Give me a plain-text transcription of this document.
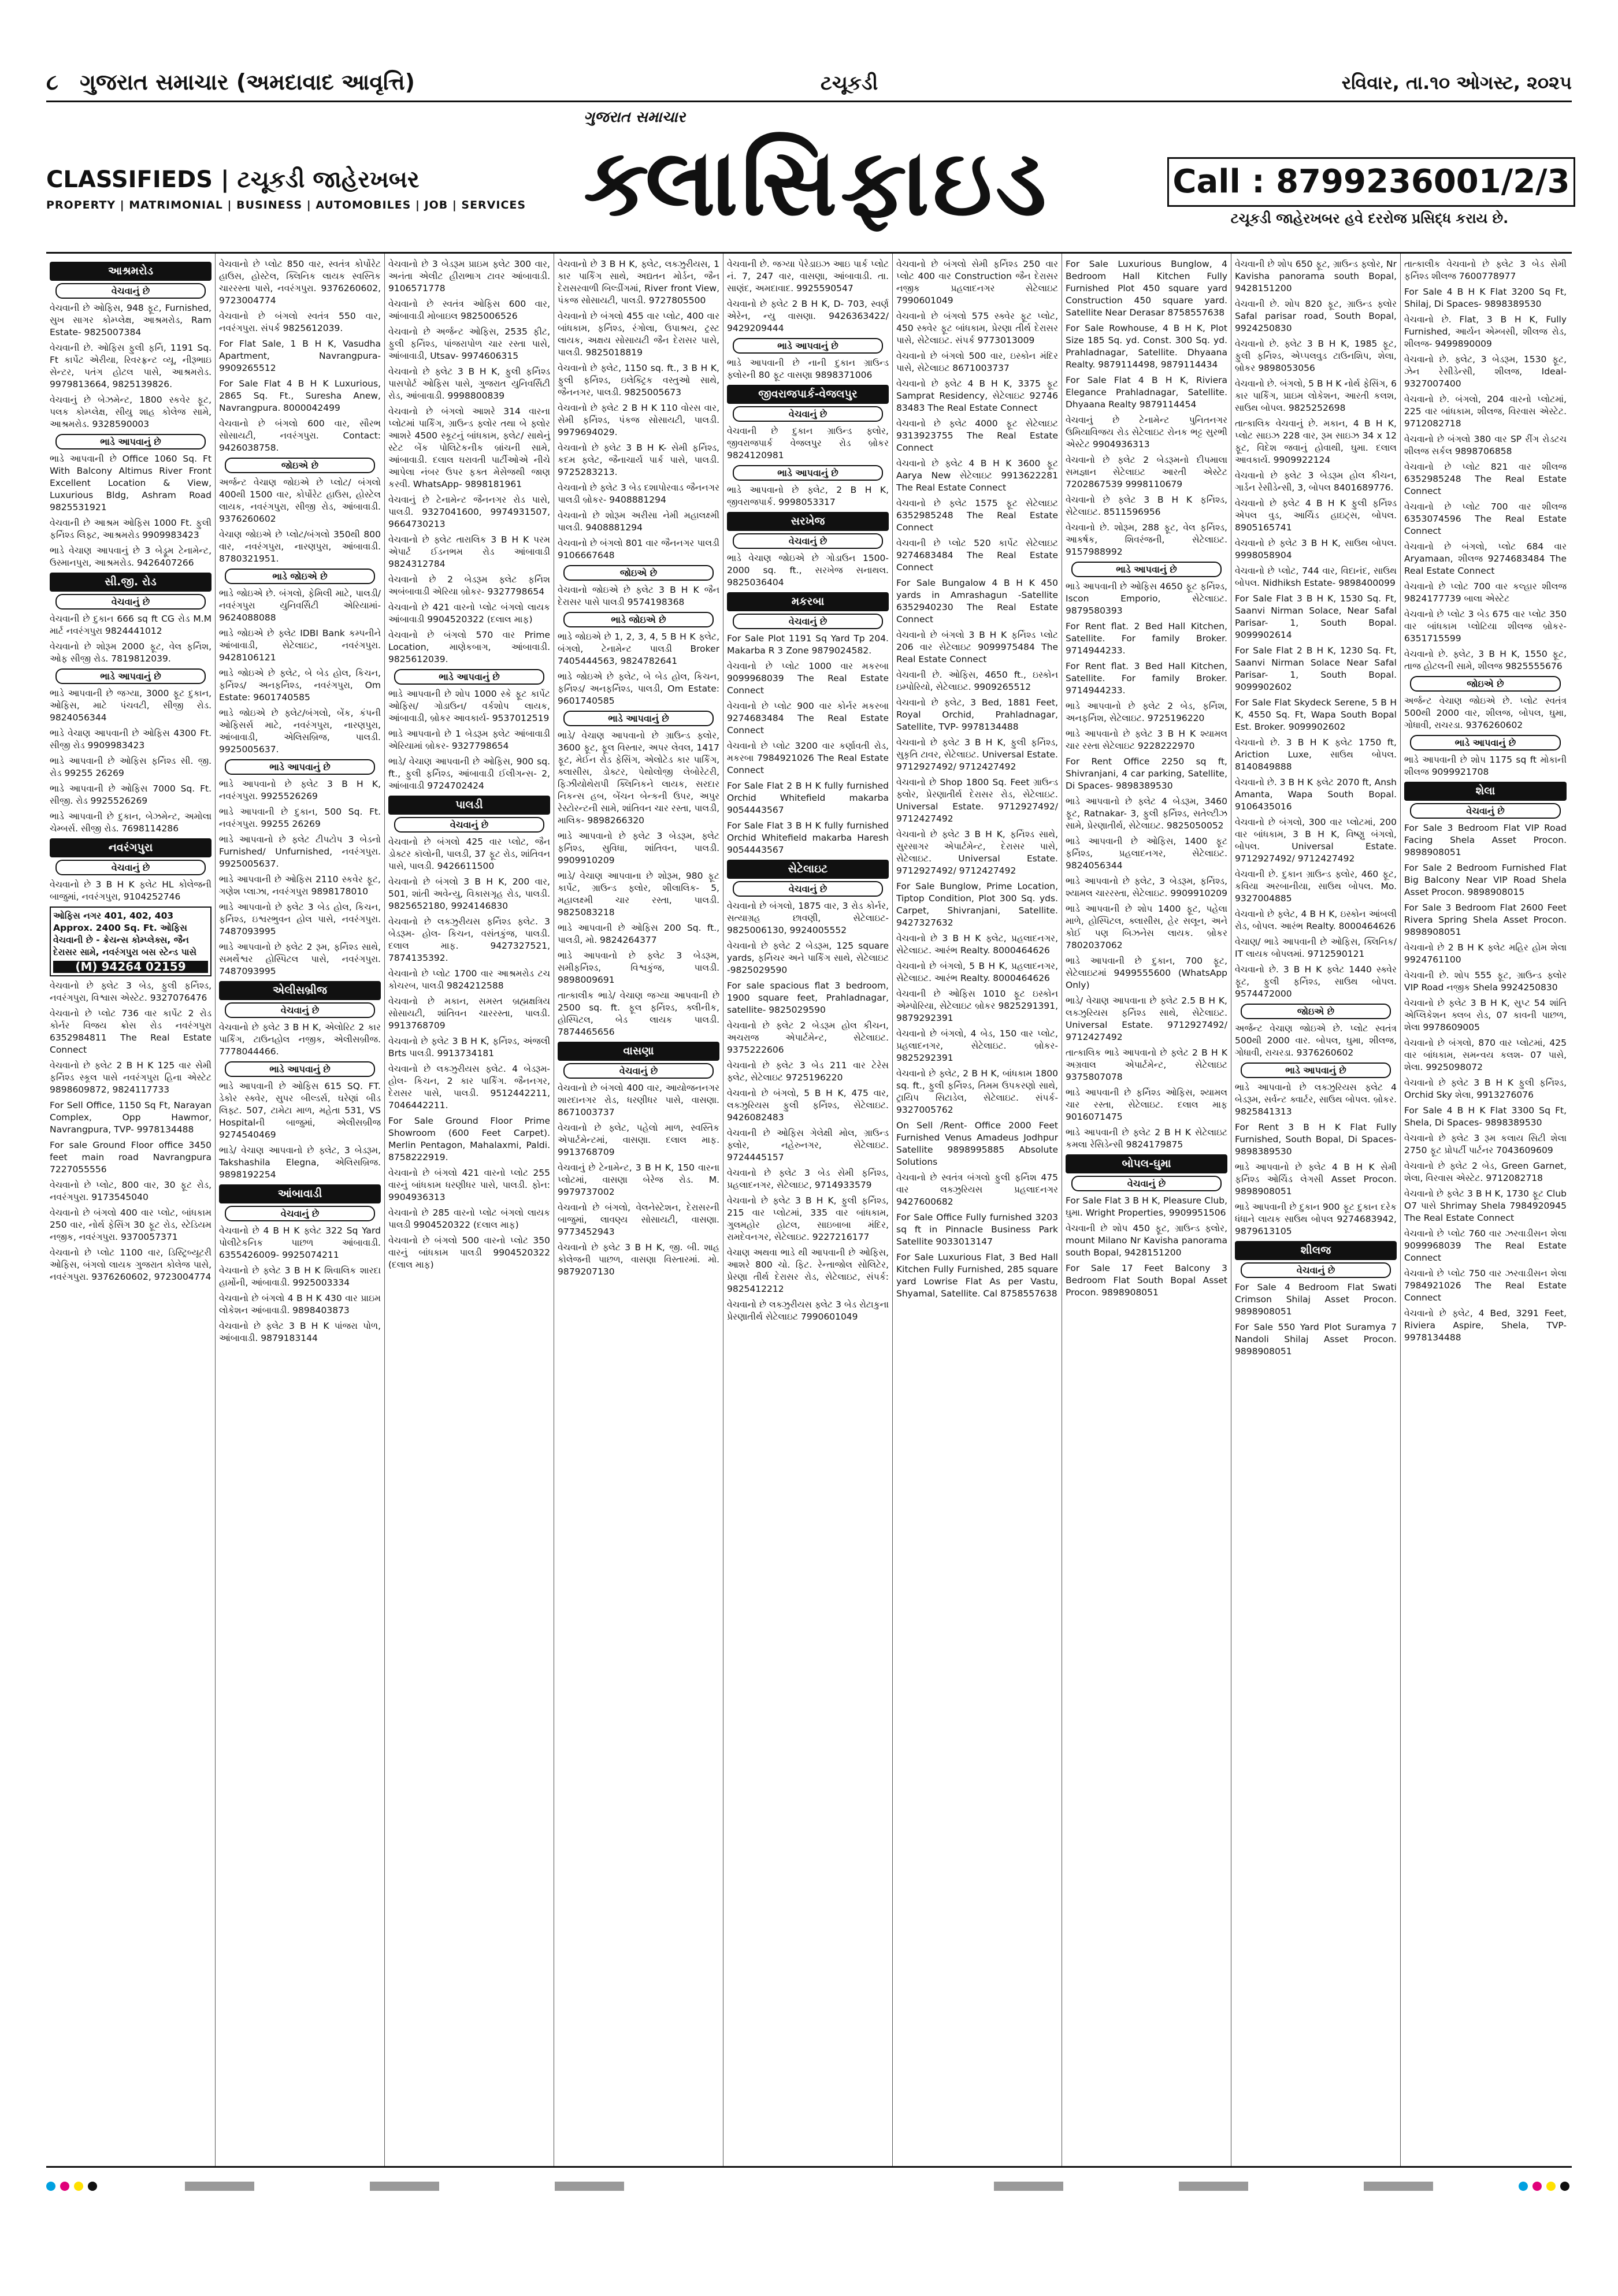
૮ ગુજરાત સમાચાર (અમદાવાદ આવૃત્તિ)	ટચૂકડી	રવિવાર, તા.૧૦ ઓગસ્ટ, ૨૦૨૫
ગુજરાત સમાચાર
CLASSIFIEDS | ટચૂકડી જાહેરખબર
PROPERTY | MATRIMONIAL | BUSINESS | AUTOMOBILES | JOB | SERVICES ક્લાસિફાઇડ	Call : 8799236001/2/3
ટચૂકડી જાહેરખબર હવે દરરોજ પ્રસિદ્ધ કરાય છે.
આશ્રમરોડ
વેચવાનું છે
વેચવાની છે ઓફિસ, 948 ફૂટ, Furnished, સુખ સાગર કોમ્પ્લેક્ષ, આશ્રમરોડ, Ram Estate- 9825007384
વેચવાની છે. ઓફિસ ફુલી ફર્નિ, 1191 Sq. Ft કાર્પેટ એરીયા, રિવરફ્રન્ટ વ્યૂ, નીરૂભાઇ સેન્ટર, પતંગ હોટલ પાસે, આશ્રમરોડ. 9979813664, 9825139826.
વેચવાનું છે બેઝમેન્ટ, 1800 સ્કવેર ફૂટ, પલક કોમ્પ્લેક્ષ, સીયુ શાહ કોલેજ સામે, આશ્રમરોડ. 9328590003
ભાડે આપવાનું છે
ભાડે આપવાની છે Office 1060 Sq. Ft With Balcony Altimus River Front Excellent Location & View, Luxurious Bldg, Ashram Road 9825531921
વેચવાની છે આશ્રમ ઓફિસ 1000 Ft. ફુલી ફર્નિશ્ડ લિફ્ટ, આશ્રમરોડ 9909983423
ભાડે વેચાણ આપવાનું છે 3 બેડ્રૂમ ટેનામેન્ટ, ઉસ્માનપુરા, આશ્રમરોડ. 9426407266
સી.જી. રોડ
વેચવાનું છે
વેચવાની છે દુકાન 666 sq ft CG રોડ M.M માર્ટ નવરંગપુરા 9824441012
વેચવાનો છે શોરૂમ 2000 ફૂટ, વેલ ફર્નિશ, ઓફ સીજી રોડ. 7819812039.
ભાડે આપવાનું છે
ભાડે આપવાની છે જગ્યા, 3000 ફૂટ દુકાન, ઓફિસ, માટે પંચવટી, સીજી રોડ. 9824056344
ભાડે વેચાણ આપવાની છે ઓફિસ 4300 Ft. સીજી રોડ 9909983423
ભાડે આપવાની છે ઓફિસ ફર્નિશ્ડ સી. જી. રોડ 99255 26269
ભાડે આપવાની છે ઓફિસ 7000 Sq. Ft. સીજી. રોડ 9925526269
ભાડે આપવાની છે દુકાન, બેઝમેન્ટ, અમોલા ચેમ્બર્સ. સીજી રોડ. 7698114286
નવરંગપુરા
વેચવાનું છે
વેચવાનો છે 3 B H K ફ્લેટ HL કોલેજની બાજુમાં, નવરંગપુરા, 9104252746
ઓફિસ નગર 401, 402, 403 Approx. 2400 Sq. Ft. ઓફિસ વેચવાની છે - ક્રેયન્સ કોમ્પ્લેક્સ, જૈન દેરાસર સામે, નવરંગપુરા બસ સ્ટેન્ડ પાસે
(M) 94264 02159
વેચવાનો છે ફ્લેટ 3 બેડ, ફુલી ફર્નિશ્ડ, નવરંગપુરા, વિશ્વાસ એસ્ટેટ. 9327076476
વેચવાનો છે પ્લોટ 736 વાર કાર્પેટ 2 રોડ કોર્નર વિજય ક્રોસ રોડ નવરંગપુરા 6352984811 The Real Estate Connect
વેચવાનો છે ફ્લેટ 2 B H K 125 વાર સેમી ફર્નિશ્ડ સ્કૂલ પાસે નવરંગપુરા હિના એસ્ટેટ 9898609872, 9824117733
For Sell Office, 1150 Sq Ft, Narayan Complex, Opp Hawmor, Navrangpura, TVP- 9978134488
For sale Ground Floor office 3450 feet main road Navrangpura 7227055556
વેચવાનો છે પ્લોટ, 800 વાર, 30 ફૂટ રોડ, નવરંગપુરા. 9173545040
વેચવાનો છે બંગલો 400 વાર પ્લોટ, બાંધકામ 250 વાર, નોર્થ ફેસિંગ 30 ફૂટ રોડ, સ્ટેડિયમ નજીક, નવરંગપુરા. 9370057371
વેચવાનો છે પ્લોટ 1100 વાર, ડિસ્ટ્રિબ્યૂટરી ઓફિસ, બંગલો લાયક ગુજરાત કોલેજ પાસે, નવરંગપુરા. 9376260602, 9723004774
વેચવાનો છે પ્લોટ 850 વાર, સ્વતંત્ર કોર્પોરેટ હાઉસ, હોસ્ટેલ, ક્લિનિક લાયક સ્વસ્તિક ચારરસ્તા પાસે, નવરંગપુરા. 9376260602, 9723004774
વેચવાનો છે બંગલો સ્વતંત્ર 550 વાર, નવરંગપુરા. સંપર્ક 9825612039.
For Flat Sale, 1 B H K, Vasudha Apartment, Navrangpura- 9909265512
For Sale Flat 4 B H K Luxurious, 2865 Sq. Ft., Suresha Anew, Navrangpura. 8000042499
વેચવાનો છે બંગલો 600 વાર, સૌરભ સોસાયટી, નવરંગપુરા. Contact: 9426038758.
જોઇએ છે
અર્જન્ટ વેચાણ જોઇએ છે પ્લોટ/ બંગલો 400થી 1500 વાર, કોર્પોરેટ હાઉસ, હોસ્ટેલ લાયક, નવરંગપુરા, સીજી રોડ, આંબાવાડી. 9376260602
વેચાણ જોઇએ છે પ્લોટ/બંગલો 350થી 800 વાર, નવરંગપુરા, નારણપુરા, આંબાવાડી. 8780321951.
ભાડે જોઇએ છે
ભાડે જોઇએ છે. બંગલો, ફેમિલી માટે, પાલડી/ નવરંગપુરા યુનિવર્સિટી એરિયામાં- 9624088088
ભાડે જોઇએ છે ફ્લેટ IDBI Bank કમ્પનીને આંબાવાડી, સેટેલાઇટ, નવરંગપુરા. 9428106121
ભાડે જોઇએ છે ફ્લેટ, બે બેડ હોલ, કિચન, ફર્નિશ્ડ/ અનફર્નિશ્ડ, નવરંગપુરા, Om Estate: 9601740585
ભાડે જોઇએ છે ફ્લેટ/બંગલો, બેંક, કંપની ઓફિસર્સ માટે, નવરંગપુરા, નારણપુરા, આંબાવાડી, એલિસબ્રિજ, પાલડી. 9925005637.
ભાડે આપવાનું છે
ભાડે આપવાનો છે ફ્લેટ 3 B H K, નવરંગપુરા. 9925526269
ભાડે આપવાની છે દુકાન, 500 Sq. Ft. નવરંગપુરા. 99255 26269
ભાડે આપવાનો છે ફ્લેટ ટીપટોપ 3 બેડનો Furnished/ Unfurnished, નવરંગપુરા. 9925005637.
ભાડે આપવાની છે ઓફિસ 2110 સ્કવેર ફૂટ, ગણેશ પ્લાઝા, નવરંગપુરા 9898178010
ભાડે આપવાનો છે ફ્લેટ 3 બેડ હોલ, કિચન, ફર્નિશ્ડ, ઇશ્વરભુવન હોલ પાસે, નવરંગપુરા. 7487093995
ભાડે આપવાનો છે ફ્લેટ 2 રૂમ, ફર્નિશ્ડ સાથે, સમર્થેશ્વર હોસ્પિટલ પાસે, નવરંગપુરા. 7487093995
એલીસબ્રીજ
વેચવાનું છે
વેચવાનો છે ફ્લેટ 3 B H K, એલોરિટ 2 કાર પાર્કિંગ, ટાઉનહોલ નજીક, એલીસબ્રીજ. 7778044466.
ભાડે આપવાનું છે
ભાડે આપવાની છે ઓફિસ 615 SQ. FT. ડેકોર સ્ક્વેર, સુપર બીલ્ડર્સ, ઘરેણાં બીડ લિફ્ટ. 507, ટામેટા માળ, મહેતા 531, VS Hospitalની બાજુમાં, એલીસબ્રીજ 9274540469
ભાડે/ વેચાણ આપવાનો છે ફ્લેટ, 3 બેડરૂમ, Takshashila Elegna, એલિસબ્રિજ. 9898192254
આંબાવાડી
વેચવાનું છે
વેચવાનો છે 4 B H K ફ્લેટ 322 Sq Yard પોલીટેકનિક પાછળ આંબાવાડી. 6355426009- 9925074211
વેચવાનો છે ફ્લેટ 3 B H K શિવાલિક શારદા હાર્મોની, આંબાવાડી. 9925003334
વેચવાનો છે બંગલો 4 B H K 430 વાર પ્રાઇમ લોકેશન આંબાવાડી. 9898403873
વેચવાનો છે ફ્લેટ 3 B H K પાંજરા પોળ, આંબાવાડી. 9879183144
વેચવાનો છે 3 બેડરૂમ પ્રાઇમ ફ્લેટ 300 વાર, અનંતા એલીટ હીરાભાગ ટાવર આંબાવાડી. 9106571778
વેચવાનો છે સ્વતંત્ર ઓફિસ 600 વાર, આંબાવાડી મોબાઇલ 9825006526
વેચવાનો છે અર્જન્ટ ઓફિસ, 2535 ફીટ, ફુલી ફર્નિશ્ડ, પાંજરાપોળ ચાર રસ્તા પાસે, આંબાવાડી, Utsav- 9974606315
વેચવાનો છે ફ્લેટ 3 B H K, ફુલી ફર્નિશ્ડ પાસપોર્ટ ઓફિસ પાસે, ગુજરાત યુનિવર્સિટી રોડ, આંબાવાડી. 9998800839
વેચવાનો છે બંગલો આશરે 314 વારના પ્લોટમાં પાર્કિંગ, ગ્રાઉન્ડ ફ્લોર તથા બે ફ્લોર આશરે 4500 સ્કૂટનું બાંધકામ, ફ્લેટ/ સાથેનું સ્ટેટ બેંક પોલિટેકનીક બ્રાંચની સામે, આંબાવાડી. દલાલ ઘરાવતી પાર્ટીઓએ નીચે આપેલા નંબર ઉપર ફક્ત મેસેજથી જાણ કરવી. WhatsApp- 9898181961
વેચવાનું છે ટેનામેન્ટ જૈનનગર રોડ પાસે, પાલડી. 9327041600, 9974931507, 9664730213
વેચવાનો છે ફ્લેટ તારાલિક 3 B H K પરમ એપાર્ટ ઈડનભમ રોડ આંબાવાડી 9824312784
વેચવાનો છે 2 બેડરૂમ ફ્લેટ ફર્નિશ અબંબાવાડી એરિયા બ્રોકર- 9327798654
વેચવાનો છે 421 વારનો પ્લોટ બંગલો લાયક આંબાવાડી 9904520322 (દલાલ માફ)
વેચવાનો છે બંગલો 570 વાર Prime Location, માણેકબાગ, આંબાવાડી. 9825612039.
ભાડે આપવાનું છે
ભાડે આપવાની છે શોપ 1000 સ્કે ફૂટ કાર્પેટ ઓફિસ/ ગોડાઉન/ વર્કશોપ લાયક, આંબાવાડી, બ્રોકર આવકાર્ય- 9537012519
ભાડે આપવાનો છે 1 બેડરૂમ ફ્લેટ આંબાવાડી એરિયામાં બ્રોકર- 9327798654
ભાડે/ વેચાણ આપવાની છે ઓફિસ, 900 sq. ft., ફુલી ફર્નિશ્ડ, આંબાવાડી ઈલીગન્સ- 2, આંબાવાડી 9724702424
પાલડી
વેચવાનું છે
વેચવાનો છે બંગલો 425 વાર પ્લોટ, જૈન ડોક્ટર કૉલોની, પાલડી, 37 ફૂટ રોડ, શાંતિવન પાસે, પાલડી. 9426611500
વેચવાનો છે બંગલો 3 B H K, 200 વાર, 501, શાંતી અવેન્યુ, વિકાસગૃહ રોડ, પાલડી. 9825652180, 9924146830
વેચવાનો છે લક્ઝુરીયસ ફર્નિશ્ડ ફ્લેટ. 3 બેડરૂમ- હોલ- કિચન, વસંતકુંજ, પાલડી. દલાલ માફ. 9427327521, 7874135392.
વેચવાનો છે પ્લોટ 1700 વાર આશ્રમરોડ ટચ કોચરબ, પાલડી 9824212588
વેચવાનો છે મકાન, સમસ્ત બ્રહ્મક્ષત્રિય સોસાયટી, શાંતિવન ચારરસ્તા, પાલડી. 9913768709
વેચવાનો છે ફ્લેટ 3 B H K, ફર્નિશ્ડ, અંજલી Brts પાલડી. 9913734181
વેચવાનો છે લક્ઝુરીયસ ફ્લેટ. 4 બેડરૂમ- હોલ- કિચન, 2 કાર પાર્કિંગ. જૈનનગર, દેરાસર પાસે, પાલડી. 9512442211, 7046442211.
For Sale Ground Floor Prime Showroom (600 Feet Carpet). Merlin Pentagon, Mahalaxmi, Paldi. 8758222919.
વેચવાનો છે બંગલો 421 વારનો પ્લોટ 255 વારનું બાંધકામ ધરણીધર પાસે, પાલડી. ફોન: 9904936313
વેચવાનો છે 285 વારનો પ્લોટ બંગલો લાયક પાલડી 9904520322 (દલાલ માફ)
વેચવાનો છે બંગલો 500 વારનો પ્લોટ 350 વારનું બાંધકામ પાલડી 9904520322 (દલાલ માફ)
વેચવાનો છે 3 B H K, ફ્લેટ, લક્ઝુરીયસ, 1 કાર પાર્કિંગ સાથે, અદ્યતન મોર્ડન, જૈન દેરાસરવાળી બિલ્ડીંગમાં, River front View, પંકજ સોસાયટી, પાલડી. 9727805500
વેચવાનો છે બંગલો 455 વાર પ્લોટ, 400 વાર બાંધકામ, ફર્નિશ્ડ, રંગોલા, ઉપાશ્રય, ટ્રસ્ટ લાયક, અક્ષય સોસાયટી જૈન દેરાસર પાસે, પાલડી. 9825018819
વેચવાનો છે ફ્લેટ, 1150 sq. ft., 3 B H K, ફુલી ફર્નિશ્ડ, ઇલેક્ટ્રિક વસ્તુઓ સાથે, જૈનનગર, પાલડી. 9825005673
વેચવાનો છે ફ્લેટ 2 B H K 110 વોરસ વાર, સેમી ફર્નિશ્ડ, પંકજ સોસાયટી, પાલડી. 9979694029.
વેચવાનો છે ફ્લેટ 3 B H K- સેમી ફર્નિશ્ડ, કદમ ફ્લેટ, જૈનાચાર્ય પાર્ક પાસે, પાલડી. 9725283213.
વેચવાનો છે ફ્લેટ 3 બેડ દશાપોરવાડ જૈનનગર પાલડી બ્રોકર- 9408881294
વેચવાનો છે શોરૂમ અરીસા નેમી મહાલક્ષ્મી પાલડી. 9408881294
વેચવાનો છે બંગલો 801 વાર જૈનનગર પાલડી 9106667648
જોઇએ છે
વેચવાનો જોઇએ છે ફ્લેટ 3 B H K જૈન દેરાસર પાસે પાલડી 9574198368
ભાડે જોઇએ છે
ભાડે જોઇએ છે 1, 2, 3, 4, 5 B H K ફ્લેટ, બંગલો, ટેનામેન્ટ પાલડી Broker 7405444563, 9824782641
ભાડે જોઇએ છે ફ્લેટ, બે બેડ હોલ, કિચન, ફર્નિશ્ડ/ અનફર્નિશ્ડ, પાલડી, Om Estate: 9601740585
ભાડે આપવાનું છે
ભાડે/ વેચાણ આપવાનો છે ગ્રાઉન્ડ ફ્લોર, 3600 ફૂટ, ફૂલ વિસ્તાર, અપર લેવલ, 1417 ફૂટ, મેઈન રોડ ફેસિંગ, એલોટેડ કાર પાર્કિંગ, ક્લાસીસ, ડોક્ટર, પેથોલોજી લેબોરેટરી, ફિઝીયોથેરાપી ક્લિનિકને લાયક, સરદાર નિકન્સ હબ, બેંચન બેન્કની ઉપર, અપુર રેસ્ટોરન્ટની સામે, શાંતિવન ચાર રસ્તા, પાલડી, માલિક- 9898266320
ભાડે આપવાનો છે ફ્લેટ 3 બેડરૂમ, ફ્લેટ ફર્નિશ્ડ, સુવિધા, શાંતિવન, પાલડી. 9909910209
ભાડે/ વેચાણ આપવાના છે શોરૂમ, 980 ફૂટ કાર્પેટ, ગ્રાઉન્ડ ફ્લોર, શીલાલિક- 5, મહાલક્ષ્મી ચાર રસ્તા, પાલડી. 9825083218
ભાડે આપવાની છે ઓફિસ 200 Sq. ft., પાલડી, મો. 9824264377
ભાડે આપવાનો છે ફ્લેટ 3 બેડરૂમ, સમીફર્નિશ્ડ, વિશ્વકુંજ, પાલડી. 9898009691
તાત્કાલીક ભાડે/ વેચાણ જગ્યા આપવાની છે 2500 sq. ft. ફૂલ ફર્નિશ્ડ, ક્લીનીક, હોસ્પિટલ, બેડ લાયક પાલડી. 7874465656
વાસણા
વેચવાનું છે
વેચવાનો છે બંગલો 400 વાર, આયોજનનગર શારદાનગર રોડ, ધરણીધર પાસે, વાસણા. 8671003737
વેચવાનો છે ફ્લેટ, પહેલો માળ, સ્વસ્તિક એપાર્ટમેન્ટમાં, વાસણા. દલાલ માફ. 9913768709
વેચવાનું છે ટેનામેન્ટ, 3 B H K, 150 વારના પ્લોટમાં, વાસણા બેરેજ રોડ. M. 9979737002
વેચવાનો છે બંગલો, વેલનેસ્ટેશન, દેરાસરની બાજુમાં, લાવણ્ય સોસાયટી, વાસણા. 9773452943
વેચવાનો છે ફ્લેટ 3 B H K, જી. બી. શાહ કોલેજની પાછળ, વાસણા વિસ્તારમાં. મો. 9879207130
વેચવાની છે. જગ્યા પેરેડાઇઝ આઇ પાર્ક પ્લોટ નં. 7, 247 વાર, વાસણા, આંબાવાડી. તા. સાણંદ, અમદાવાદ. 9925590547
વેચવાનો છે ફ્લેટ 2 B H K, D- 703, સ્વર્ણ એરેન, ન્યુ વાસણા. 9426363422/ 9429209444
ભાડે આપવાનું છે
ભાડે આપવાની છે નાની દુકાન ગ્રાઉન્ડ ફ્લોરની 80 ફૂટ વાસણા 9898371006
જીવરાજપાર્ક-વેજલપુર
વેચવાનું છે
વેચવાની છે દુકાન ગ્રાઉન્ડ ફ્લોર, જીવરાજપાર્ક વેજલપુર રોડ બ્રોકર 9824120981
ભાડે આપવાનું છે
ભાડે આપવાનો છે ફ્લેટ, 2 B H K, જીવરાજપાર્ક. 9998053317
સરખેજ
વેચવાનું છે
ભાડે વેચાણ જોઇએ છે ગોડાઉન 1500- 2000 sq. ft., સરખેજ સનાથલ. 9825036404
મકરબા
વેચવાનું છે
For Sale Plot 1191 Sq Yard Tp 204. Makarba R 3 Zone 9879024582.
વેચવાનો છે પ્લોટ 1000 વાર મકરબા 9099968039 The Real Estate Connect
વેચવાનો છે પ્લોટ 900 વાર કોર્નર મકરબા 9274683484 The Real Estate Connect
વેચવાનો છે પ્લોટ 3200 વાર કર્ણાવતી રોડ, મકરબા 7984921026 The Real Estate Connect
For Sale Flat 2 B H K fully furnished Orchid Whitefield makarba 9054443567
For Sale Flat 3 B H K fully furnished Orchid Whitefield makarba Haresh 9054443567
સેટેલાઇટ
વેચવાનું છે
વેચવાનો છે બંગલો, 1875 વાર, 3 રોડ કોર્નર, સત્યાગ્રહ છાવણી, સેટેલાઇટ- 9825006130, 9924005552
વેચવાનો છે ફ્લેટ 2 બેડરૂમ, 125 square yards, ફર્નિચર અને પાર્કિંગ સાથે, સેટેલાઇટ -9825029590
For sale spacious flat 3 bedroom, 1900 square feet, Prahladnagar, satellite- 9825029590
વેચવાનો છે ફ્લેટ 2 બેડરૂમ હોલ કીચન, અચરાજ એપાર્ટમેન્ટ, સેટેલાઇટ. 9375222606
વેચવાનો છે ફ્લેટ 3 બેડ 211 વાર ટેરેસ ફ્લેટ, સેટેલાઇટ 9725196220
વેચવાનો છે બંગલો, 5 B H K, 475 વાર, લક્ઝુરિયસ ફુલી ફર્નિશ્ડ, સેટેલાઇટ. 9426082483
વેચવાની છે ઓફિસ ગેલેક્ષી મોલ, ગ્રાઉન્ડ ફ્લોર, નહેરુનગર, સેટેલાઇટ. 9724445157
વેચવાનો છે ફ્લેટ 3 બેડ સેમી ફર્નિશ્ડ, પ્રહલાદનગર, સેટેલાઇટ, 9714933579
વેચવાનો છે ફ્લેટ 3 B H K, ફુલી ફર્નિશ્ડ, 215 વાર પ્લોટમાં, 335 વાર બાંધકામ, ગુલમહોર હોટલ, સાઇબાબા મંદિર, રામદેવનગર, સેટેલાઇટ. 9227216177
વેચાણ અથવા ભાડે થી આપવાની છે ઓફિસ, આશરે 800 ચો. ફિટ. રેન્તાજોલ સોલિટેર, પ્રેરણા તીર્થ દેરાસર રોડ, સેટેલાઇટ, સંપર્ક: 9825412212
વેચવાનો છે લક્ઝુરીયસ ફ્લેટ 3 બેડ રોટાકુના પ્રેરણાતીર્થ સેટેલાઇટ 7990601049
વેચવાનો છે બંગલો સેમી ફર્નિશ્ડ 250 વાર પ્લોટ 400 વાર Construction જૈન દેરાસર નજીક પ્રહલાદનગર સેટેલાઇટ 7990601049
વેચવાનો છે બંગલો 575 સ્ક્વેર ફૂટ પ્લોટ, 450 સ્ક્વેર ફૂટ બાંધકામ, પ્રેરણા તીર્થ દેરાસર પાસે, સેટેલાઇટ. સંપર્ક 9773013009
વેચવાનો છે બંગલો 500 વાર, ઇસ્કોન મંદિર પાસે, સેટેલાઇટ 8671003737
વેચવાનો છે ફ્લેટ 4 B H K, 3375 ફૂટ Samprat Residency, સેટેલાઇટ 92746 83483 The Real Estate Connect
વેચવાનો છે ફ્લેટ 4000 ફૂટ સેટેલાઇટ 9313923755 The Real Estate Connect
વેચવાનો છે ફ્લેટ 4 B H K 3600 ફૂટ Aarya New સેટેલાઇટ 9913622281 The Real Estate Connect
વેચવાનો છે ફ્લેટ 1575 ફૂટ સેટેલાઇટ 6352985248 The Real Estate Connect
વેચવાની છે પ્લોટ 520 કાર્પેટ સેટેલાઇટ 9274683484 The Real Estate Connect
For Sale Bungalow 4 B H K 450 yards in Amrashagun -Satellite 6352940230 The Real Estate Connect
વેચવાનો છે બંગલો 3 B H K ફર્નિશ્ડ પ્લોટ 206 વાર સેટેલાઇટ 9099975484 The Real Estate Connect
વેચવાની છે. ઓફિસ, 4650 ft., ઇસ્કોન ઇમ્પોરિયો, સેટેલાઇટ. 9909265512
વેચવાનો છે ફ્લેટ, 3 Bed, 1881 Feet, Royal Orchid, Prahladnagar, Satellite, TVP- 9978134488
વેચવાનો છે ફ્લેટ 3 B H K, ફુલી ફર્નિશ્ડ, સુકૃતિ ટાવર, સેટેલાઇટ. Universal Estate. 9712927492/ 9712427492
વેચવાનો છે Shop 1800 Sq. Feet ગ્રાઉન્ડ ફ્લોર, પ્રેરણાતીર્થ દેરાસર રોડ, સેટેલાઇટ. Universal Estate. 9712927492/ 9712427492
વેચવાનો છે ફ્લેટ 3 B H K, ફર્નિશ્ડ સાથે, સુરસાગર એપાર્ટમેન્ટ, દેરાસર પાસે, સેટેલાઇટ. Universal Estate. 9712927492/ 9712427492
For Sale Bunglow, Prime Location, Tiptop Condition, Plot 300 Sq. yds. Carpet, Shivranjani, Satellite. 9427327632
વેચવાનો છે 3 B H K ફ્લેટ, પ્રહલાદનગર, સેટેલાઇટ. આરંભ Realty. 8000464626
વેચવાનો છે બંગલો, 5 B H K, પ્રહલાદનગર, સેટેલાઇટ. આરંભ Realty. 8000464626
વેચવાની છે ઓફિસ 1010 ફૂટ ઇસ્કોન એમ્પોરિયા, સેટેલાઇટ બ્રોકર 9825291391, 9879292391
વેચવાનો છે બંગલો, 4 બેડ, 150 વાર પ્લોટ, પ્રહલાદનગર, સેટેલાઇટ. બ્રોકર- 9825292391
વેચવાનો છે ફ્લેટ, 2 B H K, બાંધકામ 1800 sq. ft., ફુલી ફર્નિશ્ડ, તિમમ ઉપકરણો સાથે, ટ્રાયિપ સિટાડેલ, સેટેલાઇટ. સંપર્ક- 9327005762
On Sell /Rent- Office 2000 Feet Furnished Venus Amadeus Jodhpur Satellite 9898995885 Absolute Solutions
વેચવાનો છે સ્વતંત્ર બંગલો ફુલી ફર્નિશ 475 વાર લક્ઝુરિયસ પ્રહલાદનગર 9427600682
For Sale Office Fully furnished 3203 sq ft in Pinnacle Business Park Satellite 9033013147
For Sale Luxurious Flat, 3 Bed Hall Kitchen Fully Furnished, 285 square yard Lowrise Flat As per Vastu, Shyamal, Satellite. Cal 8758557638
For Sale Luxurious Bunglow, 4 Bedroom Hall Kitchen Fully Furnished Plot 450 square yard Construction 450 square yard. Satellite Near Derasar 8758557638
For Sale Rowhouse, 4 B H K, Plot Size 185 Sq. yd. Const. 300 Sq. yd. Prahladnagar, Satellite. Dhyaana Realty. 9879114498, 9879114434
For Sale Flat 4 B H K, Riviera Elegance Prahladnagar, Satellite. Dhyaana Realty 9879114454
વેચવાનું છે ટેનામેન્ટ પુનિતનગર ઉમિયાવિજય રોડ સેટેલાઇટ રોનક ભટ્ટ સુરભી એસ્ટેટ 9904936313
વેચવાનો છે ફ્લેટ 2 બેડરૂમનો દીપમાલા સમજ્ઞાન સેટેલાઇટ આરતી એસ્ટેટ 7202867539 9998110679
વેચવાનો છે ફ્લેટ 3 B H K ફર્નિશ્ડ, સેટેલાઇટ. 8511596956
વેચવાનો છે. શોરૂમ, 288 ફૂટ, વેલ ફર્નિશ્ડ, આકર્ષક, શિવરંજની, સેટેલાઇટ. 9157988992
ભાડે આપવાનું છે
ભાડે આપવાની છે ઓફિસ 4650 ફૂટ ફર્નિશ્ડ, Iscon Emporio, સેટેલાઇટ. 9879580393
For Rent flat. 2 Bed Hall Kitchen, Satellite. For family Broker. 9714944233.
For Rent flat. 3 Bed Hall Kitchen, Satellite. For family Broker. 9714944233.
ભાડે આપવાનો છે ફ્લેટ 2 બેડ, ફર્નિશ, અનફર્નિશ, સેટેલાઇટ. 9725196220
ભાડે આપવાનો છે ફ્લેટ 3 B H K શ્યામલ ચાર રસ્તા સેટેલાઇટ 9228222970
For Rent Office 2250 sq ft, Shivranjani, 4 car parking, Satellite, Di Spaces- 9898389530
ભાડે આપવાનો છે ફ્લેટ 4 બેડરૂમ, 3460 ફૂટ, Ratnakar- 3, ફુલી ફર્નિશ્ડ, સતેલ્ટીઝ સામે, પ્રેરણાતીર્થ, સેટેલાઇટ. 9825050052
ભાડે આપવાની છે ઓફિસ, 1400 ફૂટ ફર્નિશ્ડ, પ્રહલાદનગર, સેટેલાઇટ. 9824056344
ભાડે આપવાનો છે ફ્લેટ, 3 બેડરૂમ, ફર્નિશ્ડ, શ્યામલ ચારરસ્તા, સેટેલાઇટ. 9909910209
ભાડે આપવાની છે શોપ 1400 ફૂટ, પહેલા માળે, હોસ્પિટલ, ક્લાસીસ, હેર સલૂન, અને કોઈ પણ બિઝનેસ લાયક. બ્રોકર 7802037062
ભાડે આપવાની છે દુકાન, 700 ફૂટ, સેટેલાઇટમાં 9499555600 (WhatsApp Only)
ભાડે/ વેચાણ આપવાના છે ફ્લેટ 2.5 B H K, લક્ઝુરિયસ ફર્નિશ્ડ સાથે, સેટેલાઇટ. Universal Estate. 9712927492/ 9712427492
તાત્કાલિક ભાડે આપવાનો છે ફ્લેટ 2 B H K અગ્રવાલ એપાર્ટમેન્ટ, સેટેલાઇટ 9375807078
ભાડે આપવાની છે ફર્નિશ્ડ ઓફિસ, શ્યામલ ચાર રસ્તા, સેટેલાઇટ. દલાલ માફ 9016071475
ભાડે આપવાની છે ફ્લેટ 2 B H K સેટેલાઇટ કમલા રેસિડેન્સી 9824179875
બોપલ-ઘુમા
વેચવાનું છે
For Sale Flat 3 B H K, Pleasure Club, ઘુમા. Wright Properties, 9909951506
વેચવાની છે શોપ 450 ફૂટ, ગ્રાઉન્ડ ફ્લોર, mount Milano Nr Kavisha panorama south Bopal, 9428151200
For Sale 17 Feet Balcony 3 Bedroom Flat South Bopal Asset Procon. 9898908051
વેચવાની છે શોપ 650 ફૂટ, ગ્રાઉન્ડ ફ્લોર, Nr Kavisha panorama south Bopal, 9428151200
વેચવાની છે. શોપ 820 ફૂટ, ગ્રાઉન્ડ ફ્લોર Safal parisar road, South Bopal, 9924250830
વેચવાનો છે. ફ્લેટ 3 B H K, 1985 ફૂટ, ફુલી ફર્નિશ્ડ, એપ્પલવુડ ટાઉનશિપ, શેલા, બ્રોકર 9898053056
વેચવાનો છે. બંગલો, 5 B H K નોર્થ ફેસિંગ, 6 કાર પાર્કિંગ, પ્રાઇમ લોકેશન, આરતી કલશ, સાઉથ બોપલ. 9825252698
તાત્કાલિક વેચવાનું છે. મકાન, 4 B H K, પ્લોટ સાઇઝ 228 વાર, રૂમ સાઇઝ 34 x 12 ફૂટ, વિદેશ જવાનું હોવાથી, ઘુમા. દલાલ આવકાર્ય. 9909922124
વેચવાનો છે ફ્લેટ 3 બેડરૂમ હોલ કીચન, ગાર્ડન રેસીડેન્સી, 3, બોપલ 8401689776.
વેચવાનો છે ફ્લેટ 4 B H K ફુલી ફર્નિશ્ડ એપલ વુડ, આર્ચિડ હાઇટ્સ, બોપલ. 8905165741
વેચવાનો છે ફ્લેટ 3 B H K, સાઉથ બોપલ. 9998058904
વેચવાનો છે પ્લોટ, 744 વાર, વિદાનંદ, સાઉથ બોપલ. Nidhiksh Estate- 9898400099
For Sale Flat 3 B H K, 1530 Sq. Ft, Saanvi Nirman Solace, Near Safal Parisar- 1, South Bopal. 9099902614
For Sale Flat 2 B H K, 1230 Sq. Ft, Saanvi Nirman Solace Near Safal Parisar- 1, South Bopal. 9099902602
For Sale Flat Skydeck Serene, 5 B H K, 4550 Sq. Ft, Wapa South Bopal Est. Broker. 9099902602
વેચવાનો છે. 3 B H K ફ્લેટ 1750 ft, Ariction Luxe, સાઉથ બોપલ. 8140849888
વેચવાનો છે. 3 B H K ફ્લેટ 2070 ft, Ansh Amanta, Wapa South Bopal. 9106435016
વેચવાનો છે બંગલો, 300 વાર પ્લોટમાં, 200 વાર બાંધકામ, 3 B H K, વિષ્ણુ બંગલો, બોપલ. Universal Estate. 9712927492/ 9712427492
વેચવાની છે. દુકાન ગ્રાઉન્ડ ફ્લોર, 460 ફૂટ, કવિયા અરબાનીયા, સાઉથ બોપલ. Mo. 9327004885
વેચવાનો છે ફ્લેટ, 4 B H K, ઇસ્કોન આંબલી રોડ, બોપલ. આરંભ Realty. 8000464626
વેચાણ/ ભાડે આપવાની છે ઓફિસ, ક્લિનિક/ IT લાયક બોપલમાં. 9712590121
વેચવાનો છે. 3 B H K ફ્લેટ 1440 સ્ક્વેર ફૂટ, ફુલી ફર્નિશ્ડ, સાઉથ બોપલ. 9574472000
જોઇએ છે
અર્જન્ટ વેચાણ જોઇએ છે. પ્લોટ સ્વતંત્ર 500થી 2000 વાર. બોપલ, ઘુમા, શીલજ, ગોધાવી, રાચરડા. 9376260602
ભાડે આપવાનું છે
ભાડે આપવાનો છે લક્ઝુરિયસ ફ્લેટ 4 બેડરૂમ, સર્વન્ટ ક્વાર્ટર, સાઉથ બોપલ. બ્રોકર. 9825841313
For Rent 3 B H K Flat Fully Furnished, South Bopal, Di Spaces- 9898389530
ભાડે આપવાનો છે ફ્લેટ 4 B H K સેમી ફર્નિશ્ડ ઓર્ચિડ લેગસી Asset Procon. 9898908051
ભાડે આપવાની છે દુકાન 900 ફૂટ દુકાન દરેક ધંધાને લાયક સાઉથ બોપલ 9274683942, 9879613105
શીલજ
વેચવાનું છે
For Sale 4 Bedroom Flat Swati Crimson Shilaj Asset Procon. 9898908051
For Sale 550 Yard Plot Suramya 7 Nandoli Shilaj Asset Procon. 9898908051
તાત્કાલીક વેચવાનો છે ફ્લેટ 3 બેડ સેમી ફર્નિશ્ડ શીલજ 7600778977
For Sale 4 B H K Flat 3200 Sq Ft, Shilaj, Di Spaces- 9898389530
વેચવાનો છે. Flat, 3 B H K, Fully Furnished, આર્યન એમ્બસી, શીલજ રોડ, શીલજ- 9499890009
વેચવાનો છે. ફ્લેટ, 3 બેડરૂમ, 1530 ફૂટ, ઝેન રેસીડેન્સી, શીલજ, Ideal- 9327007400
વેચવાનો છે. બંગલો, 204 વારનો પ્લોટમાં, 225 વાર બાંધકામ, શીલજ, વિરવાસ એસ્ટેટ. 9712082718
વેચવાનો છે બંગલો 380 વાર SP રીંગ રોડટચ શીલજ સર્કલ 9898706858
વેચવાનો છે પ્લોટ 821 વાર શીલજ 6352985248 The Real Estate Connect
વેચવાનો છે પ્લોટ 700 વાર શીલજ 6353074596 The Real Estate Connect
વેચવાનો છે બંગલો, પ્લોટ 684 વાર Aryamaan, શીલજ 9274683484 The Real Estate Connect
વેચવાનો છે પ્લોટ 700 વાર કલ્હાર શીલજ 9824177739 બાલા એસ્ટેટ
વેચવાનો છે પ્લોટ 3 બેડ 675 વાર પ્લોટ 350 વાર બાંધકામ પ્લોટિયા શીલજ બ્રોકર- 6351715599
વેચવાનો છે. ફ્લેટ, 3 B H K, 1550 ફૂટ, તાજ હોટલની સામે, શીલજ 9825555676
જોઇએ છે
અર્જન્ટ વેચાણ જોઇએ છે. પ્લોટ સ્વતંત્ર 500થી 2000 વાર, શીલજ, બોપલ, ઘુમા, ગોધાવી, રાચરડા. 9376260602
ભાડે આપવાનું છે
ભાડે આપવાની છે શોપ 1175 sq ft મોકાની શીલજ 9099921708
શેલા
વેચવાનું છે
For Sale 3 Bedroom Flat VIP Road Facing Shela Asset Procon. 9898908051
For Sale 2 Bedroom Furnished Flat Big Balcony Near VIP Road Shela Asset Procon. 9898908015
For Sale 3 Bedroom Flat 2600 Feet Rivera Spring Shela Asset Procon. 9898908051
વેચવાનો છે 2 B H K ફ્લેટ મહિર હોમ શેલા 9924761100
વેચવાની છે. શોપ 555 ફૂટ, ગ્રાઉન્ડ ફ્લોર VIP Road નજીક Shela 9924250830
વેચવાનો છે ફ્લેટ 3 B H K, સુપ્ટ 54 શાંતિ એપ્લિકેશન ક્લબ રોડ, 07 કાવની પાછળ, શેલા 9978609005
વેચવાનો છે બંગલો, 870 વાર પ્લોટમાં, 425 વાર બાંધકામ, સમન્વય કલશ- 07 પાસે, શેલા. 9925098072
વેચવાનો છે ફ્લેટ 3 B H K ફુલી ફર્નિશ્ડ, Orchid Sky શેલા, 9913276076
For Sale 4 B H K Flat 3300 Sq Ft, Shela, Di Spaces- 9898389530
વેચવાનો છે ફ્લેટ 3 રૂમ કલાય સિટી શેલા 2750 ફૂટ પ્રોપર્ટી પાર્ટનર 7043609609
વેચવાનો છે ફ્લેટ 2 બેડ, Green Garnet, શેલા, વિરવાસ એસ્ટેટ. 9712082718
વેચવાનો છે ફ્લેટ 3 B H K, 1730 ફૂટ Club O7 પાસે Shrimay Shela 7984920945 The Real Estate Connect
વેચવાનો છે પ્લોટ 760 વાર ઝરવાડીસન શેલા 9099968039 The Real Estate Connect
વેચવાનો છે પ્લોટ 750 વાર ઝરવાડીસન શેલા 7984921026 The Real Estate Connect
વેચવાનો છે ફ્લેટ, 4 Bed, 3291 Feet, Riviera Aspire, Shela, TVP- 9978134488
